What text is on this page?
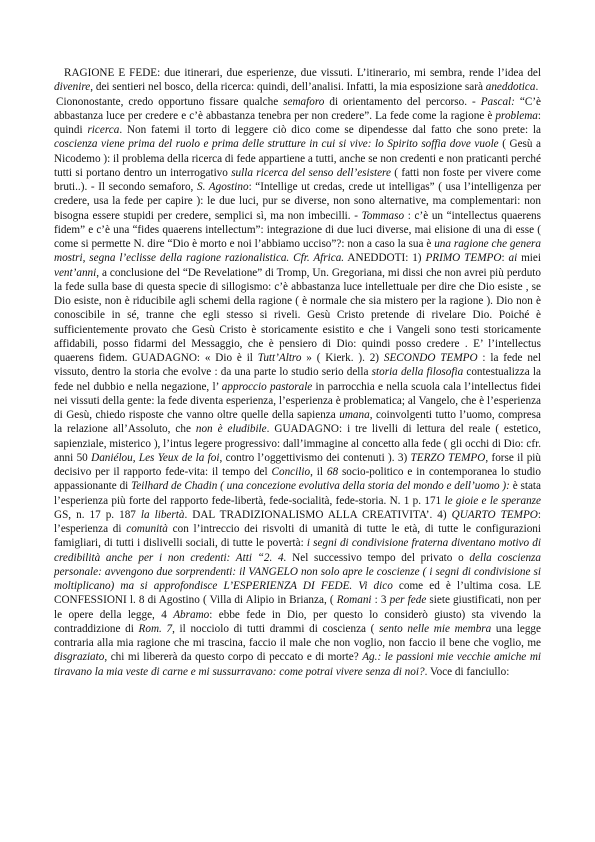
RAGIONE E FEDE: due itinerari, due esperienze, due vissuti. L’itinerario, mi sembra, rende l’idea del divenire, dei sentieri nel bosco, della ricerca: quindi, dell’analisi. Infatti, la mia esposizione sarà aneddotica.

Ciononostante, credo opportuno fissare qualche semaforo di orientamento del percorso. - Pascal: “C’è abbastanza luce per credere e c’è abbastanza tenebra per non credere”. La fede come la ragione è problema: quindi ricerca. Non fatemi il torto di leggere ciò dico come se dipendesse dal fatto che sono prete: la coscienza viene prima del ruolo e prima delle strutture in cui si vive: lo Spirito soffia dove vuole ( Gesù a Nicodemo ): il problema della ricerca di fede appartiene a tutti, anche se non credenti e non praticanti perché tutti si portano dentro un interrogativo sulla ricerca del senso dell’esistere ( fatti non foste per vivere come bruti..). - Il secondo semaforo, S. Agostino: “Intellige ut credas, crede ut intelligas” ( usa l’intelligenza per credere, usa la fede per capire ): le due luci, pur se diverse, non sono alternative, ma complementari: non bisogna essere stupidi per credere, semplici sì, ma non imbecilli. - Tommaso : c’è un “intellectus quaerens fidem” e c’è una “fides quaerens intellectum”: integrazione di due luci diverse, mai elisione di una di esse ( come si permette N. dire “Dio è morto e noi l’abbiamo ucciso”?: non a caso la sua è una ragione che genera mostri, segna l’eclisse della ragione razionalistica. Cfr. Africa. ANEDDOTI: 1) PRIMO TEMPO: ai miei vent’anni, a conclusione del “De Revelatione” di Tromp, Un. Gregoriana, mi dissi che non avrei più perduto la fede sulla base di questa specie di sillogismo: c’è abbastanza luce intellettuale per dire che Dio esiste , se Dio esiste, non è riducibile agli schemi della ragione ( è normale che sia mistero per la ragione ). Dio non è conoscibile in sé, tranne che egli stesso si riveli. Gesù Cristo pretende di rivelare Dio. Poiché è sufficientemente provato che Gesù Cristo è storicamente esistito e che i Vangeli sono testi storicamente affidabili, posso fidarmi del Messaggio, che è pensiero di Dio: quindi posso credere . E’ l’intellectus quaerens fidem. GUADAGNO: « Dio è il Tutt’Altro » ( Kierk. ). 2) SECONDO TEMPO : la fede nel vissuto, dentro la storia che evolve : da una parte lo studio serio della storia della filosofia contestualizza la fede nel dubbio e nella negazione, l’ approccio pastorale in parrocchia e nella scuola cala l’intellectus fidei nei vissuti della gente: la fede diventa esperienza, l’esperienza è problematica; al Vangelo, che è l’esperienza di Gesù, chiedo risposte che vanno oltre quelle della sapienza umana, coinvolgenti tutto l’uomo, compresa la relazione all’Assoluto, che non è eludibile. GUADAGNO: i tre livelli di lettura del reale ( estetico, sapienziale, misterico ), l’intus legere progressivo: dall’immagine al concetto alla fede ( gli occhi di Dio: cfr. anni 50 Daniélou, Les Yeux de la foi, contro l’oggettivismo dei contenuti ). 3) TERZO TEMPO, forse il più decisivo per il rapporto fede-vita: il tempo del Concilio, il 68 socio-politico e in contemporanea lo studio appassionante di Teilhard de Chadin ( una concezione evolutiva della storia del mondo e dell’uomo ): è stata l’esperienza più forte del rapporto fede-libertà, fede-socialità, fede-storia. N. 1 p. 171 le gioie e le speranze GS, n. 17 p. 187 la libertà. DAL TRADIZIONALISMO ALLA CREATIVITA’. 4) QUARTO TEMPO: l’esperienza di comunità con l’intreccio dei risvolti di umanità di tutte le età, di tutte le configurazioni famigliari, di tutti i dislivelli sociali, di tutte le povertà: i segni di condivisione fraterna diventano motivo di credibilità anche per i non credenti: Atti “2. 4. Nel successivo tempo del privato o della coscienza personale: avvengono due sorprendenti: il VANGELO non solo apre le coscienze ( i segni di condivisione si moltiplicano) ma si approfondisce L’ESPERIENZA DI FEDE. Vi dico come ed è l’ultima cosa. LE CONFESSIONI l. 8 di Agostino ( Villa di Alipio in Brianza, ( Romani : 3 per fede siete giustificati, non per le opere della legge, 4 Abramo: ebbe fede in Dio, per questo lo considerò giusto) sta vivendo la contraddizione di Rom. 7, il nocciolo di tutti drammi di coscienza ( sento nelle mie membra una legge contraria alla mia ragione che mi trascina, faccio il male che non voglio, non faccio il bene che voglio, me disgraziato, chi mi libererà da questo corpo di peccato e di morte? Ag.: le passioni mie vecchie amiche mi tiravano la mia veste di carne e mi sussurravano: come potrai vivere senza di noi?. Voce di fanciullo:
